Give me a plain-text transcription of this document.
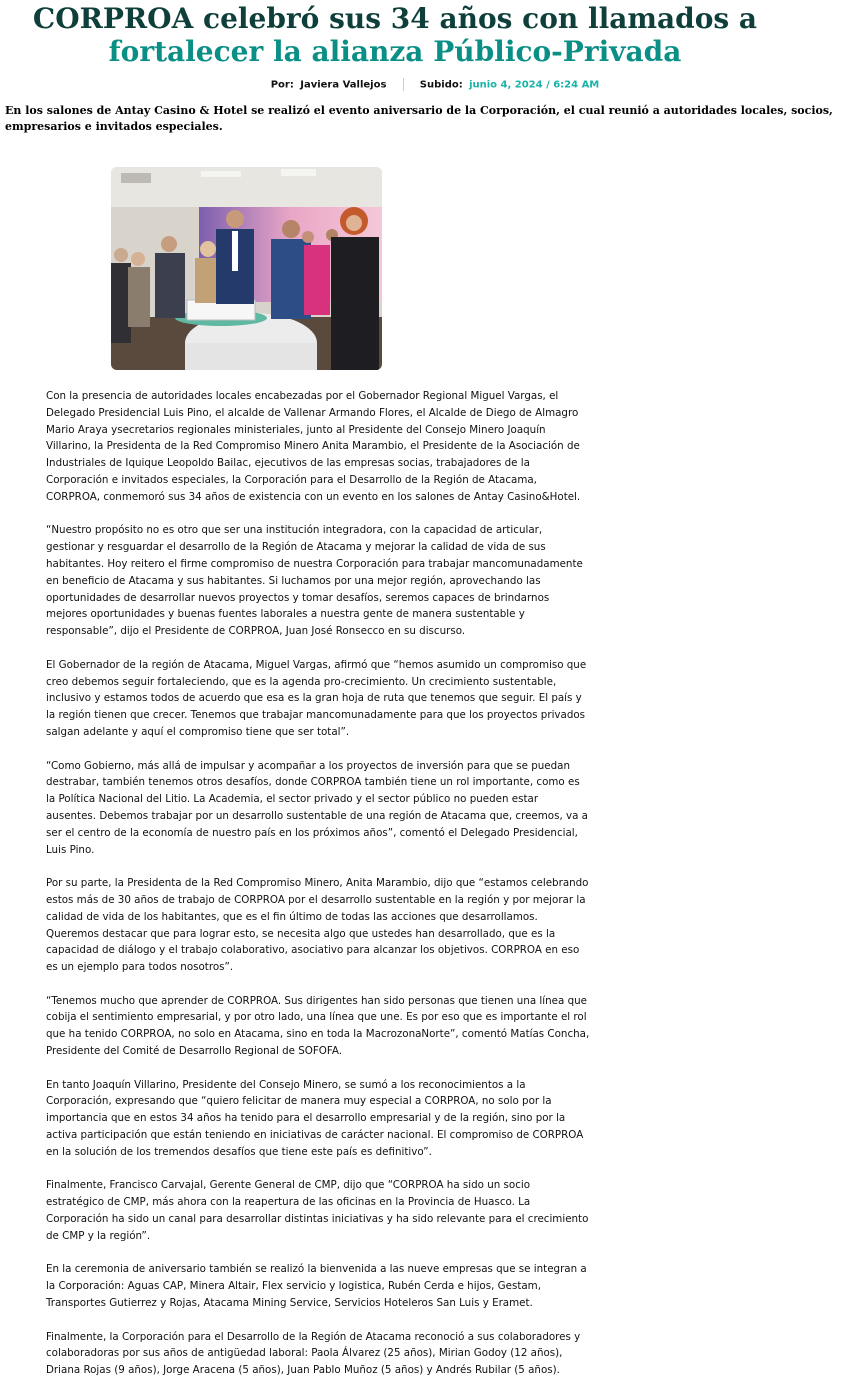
CORPROA celebró sus 34 años con llamados a
fortalecer la alianza Público-Privada
Por: Javiera Vallejos	Subido: junio 4, 2024 / 6:24 AM

En los salones de Antay Casino & Hotel se realizó el evento aniversario de la Corporación, el cual reunió a autoridades locales, socios, empresarios e invitados especiales.

Con la presencia de autoridades locales encabezadas por el Gobernador Regional Miguel Vargas, el Delegado Presidencial Luis Pino, el alcalde de Vallenar Armando Flores, el Alcalde de Diego de Almagro Mario Araya ysecretarios regionales ministeriales, junto al Presidente del Consejo Minero Joaquín Villarino, la Presidenta de la Red Compromiso Minero Anita Marambio, el Presidente de la Asociación de Industriales de Iquique Leopoldo Bailac, ejecutivos de las empresas socias, trabajadores de la Corporación e invitados especiales, la Corporación para el Desarrollo de la Región de Atacama, CORPROA, conmemoró sus 34 años de existencia con un evento en los salones de Antay Casino&Hotel.

“Nuestro propósito no es otro que ser una institución integradora, con la capacidad de articular, gestionar y resguardar el desarrollo de la Región de Atacama y mejorar la calidad de vida de sus habitantes. Hoy reitero el firme compromiso de nuestra Corporación para trabajar mancomunadamente en beneficio de Atacama y sus habitantes. Si luchamos por una mejor región, aprovechando las oportunidades de desarrollar nuevos proyectos y tomar desafíos, seremos capaces de brindarnos mejores oportunidades y buenas fuentes laborales a nuestra gente de manera sustentable y responsable”, dijo el Presidente de CORPROA, Juan José Ronsecco en su discurso.

El Gobernador de la región de Atacama, Miguel Vargas, afirmó que “hemos asumido un compromiso que creo debemos seguir fortaleciendo, que es la agenda pro-crecimiento. Un crecimiento sustentable, inclusivo y estamos todos de acuerdo que esa es la gran hoja de ruta que tenemos que seguir. El país y la región tienen que crecer. Tenemos que trabajar mancomunadamente para que los proyectos privados salgan adelante y aquí el compromiso tiene que ser total”.

“Como Gobierno, más allá de impulsar y acompañar a los proyectos de inversión para que se puedan destrabar, también tenemos otros desafíos, donde CORPROA también tiene un rol importante, como es la Política Nacional del Litio. La Academia, el sector privado y el sector público no pueden estar ausentes. Debemos trabajar por un desarrollo sustentable de una región de Atacama que, creemos, va a ser el centro de la economía de nuestro país en los próximos años”, comentó el Delegado Presidencial, Luis Pino.

Por su parte, la Presidenta de la Red Compromiso Minero, Anita Marambio, dijo que “estamos celebrando estos más de 30 años de trabajo de CORPROA por el desarrollo sustentable en la región y por mejorar la calidad de vida de los habitantes, que es el fin último de todas las acciones que desarrollamos. Queremos destacar que para lograr esto, se necesita algo que ustedes han desarrollado, que es la capacidad de diálogo y el trabajo colaborativo, asociativo para alcanzar los objetivos. CORPROA en eso es un ejemplo para todos nosotros”.

“Tenemos mucho que aprender de CORPROA. Sus dirigentes han sido personas que tienen una línea que cobija el sentimiento empresarial, y por otro lado, una línea que une. Es por eso que es importante el rol que ha tenido CORPROA, no solo en Atacama, sino en toda la MacrozonaNorte”, comentó Matías Concha, Presidente del Comité de Desarrollo Regional de SOFOFA.

En tanto Joaquín Villarino, Presidente del Consejo Minero, se sumó a los reconocimientos a la Corporación, expresando que “quiero felicitar de manera muy especial a CORPROA, no solo por la importancia que en estos 34 años ha tenido para el desarrollo empresarial y de la región, sino por la activa participación que están teniendo en iniciativas de carácter nacional. El compromiso de CORPROA en la solución de los tremendos desafíos que tiene este país es definitivo”.

Finalmente, Francisco Carvajal, Gerente General de CMP, dijo que “CORPROA ha sido un socio estratégico de CMP, más ahora con la reapertura de las oficinas en la Provincia de Huasco. La Corporación ha sido un canal para desarrollar distintas iniciativas y ha sido relevante para el crecimiento de CMP y la región”.

En la ceremonia de aniversario también se realizó la bienvenida a las nueve empresas que se integran a la Corporación: Aguas CAP, Minera Altair, Flex servicio y logistica, Rubén Cerda e hijos, Gestam, Transportes Gutierrez y Rojas, Atacama Mining Service, Servicios Hoteleros San Luis y Eramet.

Finalmente, la Corporación para el Desarrollo de la Región de Atacama reconoció a sus colaboradores y colaboradoras por sus años de antigüedad laboral: Paola Álvarez (25 años), Mirian Godoy (12 años), Driana Rojas (9 años), Jorge Aracena (5 años), Juan Pablo Muñoz (5 años) y Andrés Rubilar (5 años).
